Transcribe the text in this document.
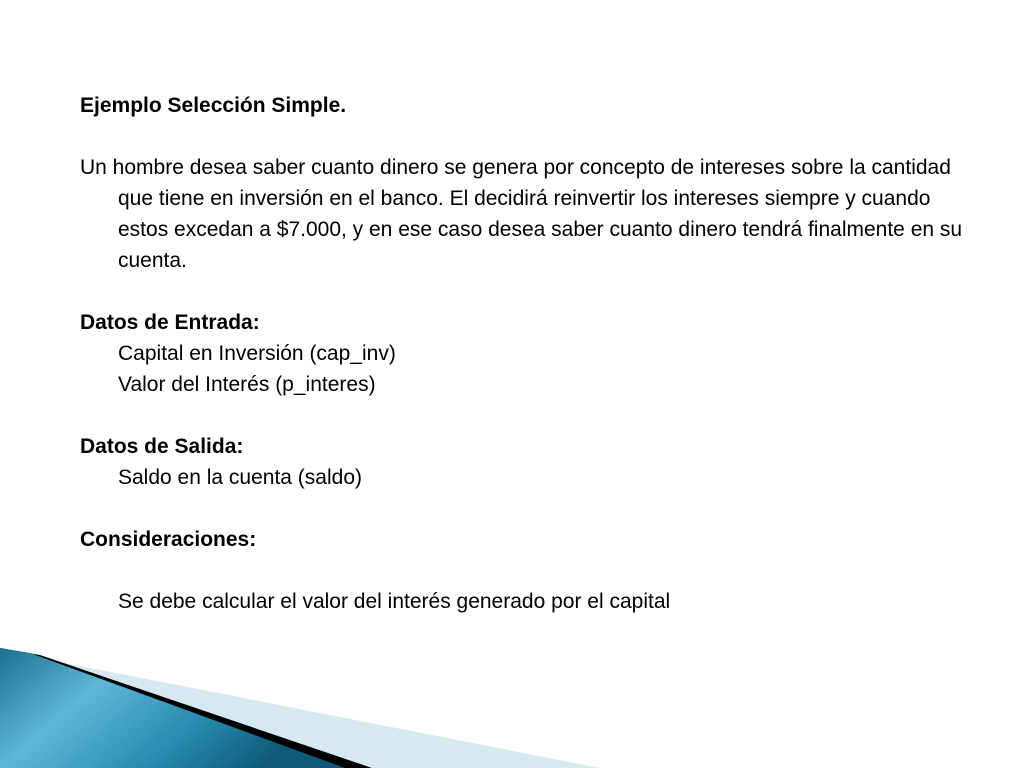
Ejemplo Selección Simple.

Un hombre desea saber cuanto dinero se genera por concepto de intereses sobre la cantidad que tiene en inversión en el banco. El decidirá reinvertir los intereses siempre y cuando estos excedan a $7.000, y en ese caso desea saber cuanto dinero tendrá finalmente en su cuenta.

Datos de Entrada:

Capital en Inversión (cap_inv)

Valor del Interés (p_interes)

Datos de Salida:

Saldo en la cuenta (saldo)

Consideraciones:

Se debe calcular el valor del interés generado por el capital
